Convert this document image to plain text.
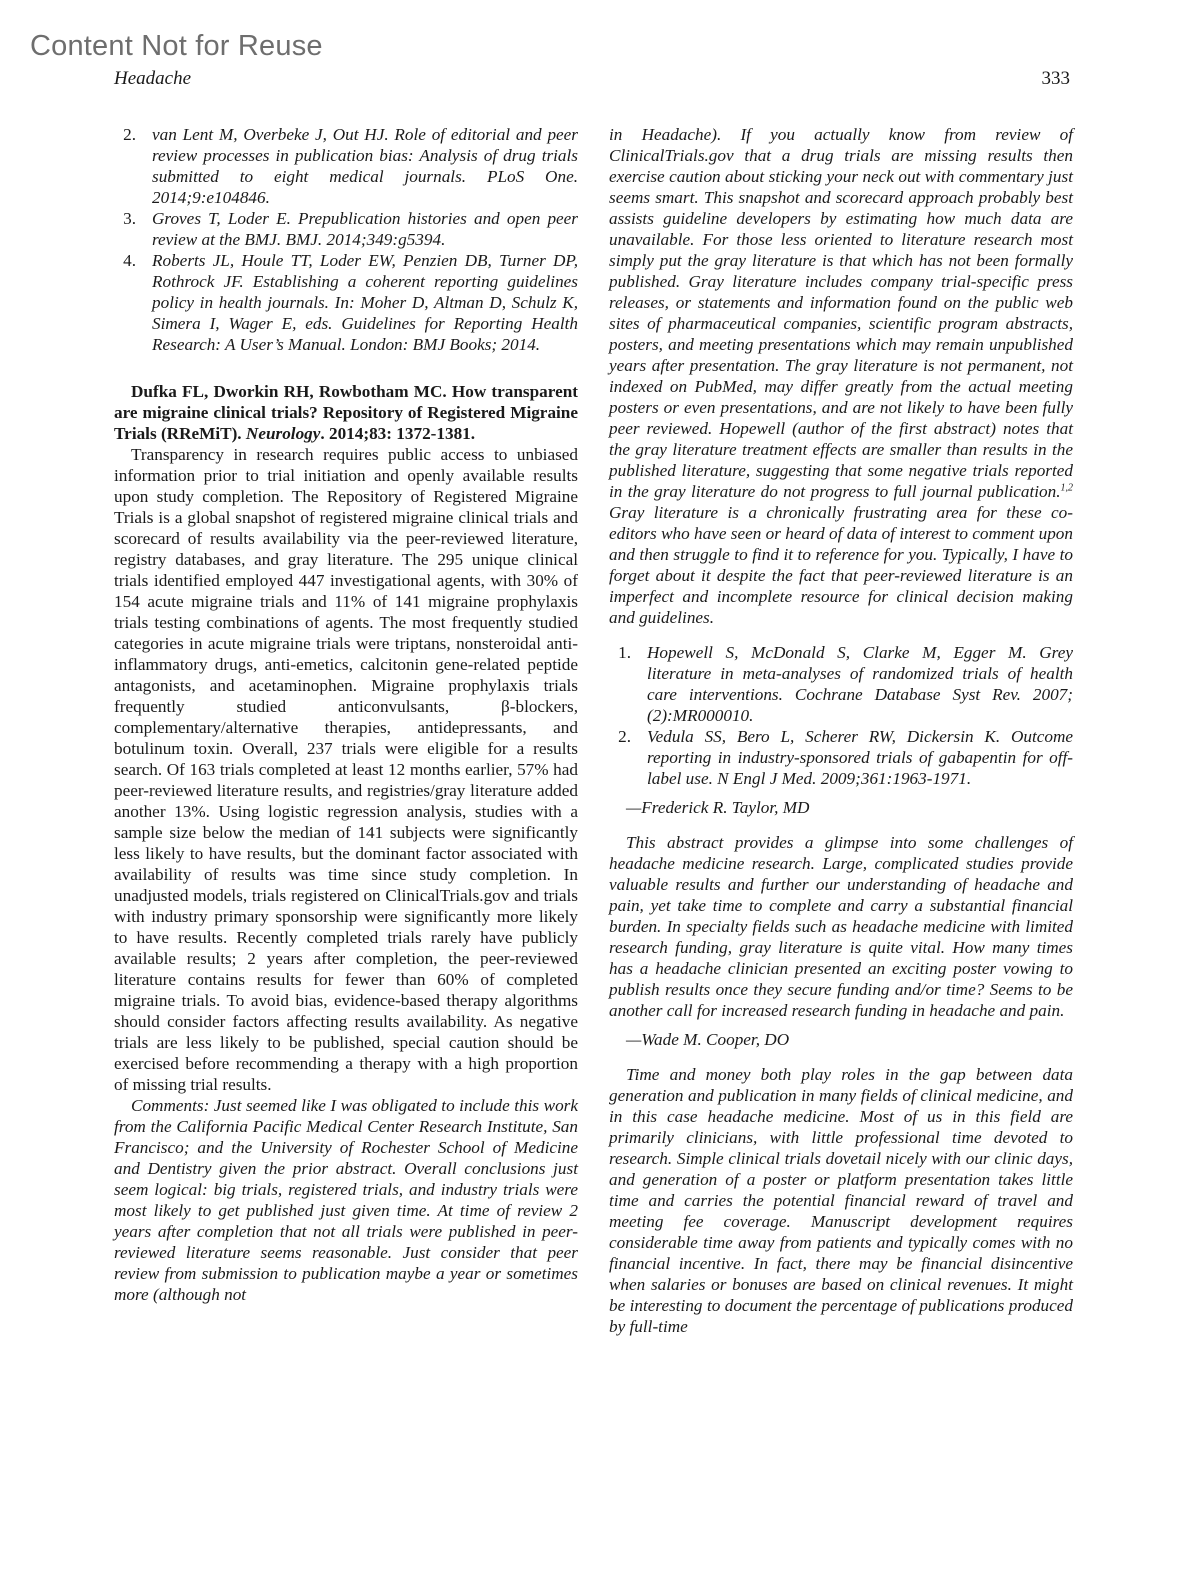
Content Not for Reuse
Headache	333
2. van Lent M, Overbeke J, Out HJ. Role of editorial and peer review processes in publication bias: Analysis of drug trials submitted to eight medical journals. PLoS One. 2014;9:e104846.
3. Groves T, Loder E. Prepublication histories and open peer review at the BMJ. BMJ. 2014;349:g5394.
4. Roberts JL, Houle TT, Loder EW, Penzien DB, Turner DP, Rothrock JF. Establishing a coherent reporting guidelines policy in health journals. In: Moher D, Altman D, Schulz K, Simera I, Wager E, eds. Guidelines for Reporting Health Research: A User’s Manual. London: BMJ Books; 2014.

Dufka FL, Dworkin RH, Rowbotham MC. How transparent are migraine clinical trials? Repository of Registered Migraine Trials (RReMiT). Neurology. 2014;83: 1372-1381.

Transparency in research requires public access to unbiased information prior to trial initiation and openly available results upon study completion. The Repository of Registered Migraine Trials is a global snapshot of registered migraine clinical trials and scorecard of results availability via the peer-reviewed literature, registry databases, and gray literature. The 295 unique clinical trials identified employed 447 investigational agents, with 30% of 154 acute migraine trials and 11% of 141 migraine prophylaxis trials testing combinations of agents. The most frequently studied categories in acute migraine trials were triptans, nonsteroidal anti-inflammatory drugs, anti-emetics, calcitonin gene-related peptide antagonists, and acetaminophen. Migraine prophylaxis trials frequently studied anticonvulsants, β-blockers, complementary/alternative therapies, antidepressants, and botulinum toxin. Overall, 237 trials were eligible for a results search. Of 163 trials completed at least 12 months earlier, 57% had peer-reviewed literature results, and registries/gray literature added another 13%. Using logistic regression analysis, studies with a sample size below the median of 141 subjects were significantly less likely to have results, but the dominant factor associated with availability of results was time since study completion. In unadjusted models, trials registered on ClinicalTrials.gov and trials with industry primary sponsorship were significantly more likely to have results. Recently completed trials rarely have publicly available results; 2 years after completion, the peer-reviewed literature contains results for fewer than 60% of completed migraine trials. To avoid bias, evidence-based therapy algorithms should consider factors affecting results availability. As negative trials are less likely to be published, special caution should be exercised before recommending a therapy with a high proportion of missing trial results.

Comments: Just seemed like I was obligated to include this work from the California Pacific Medical Center Research Institute, San Francisco; and the University of Rochester School of Medicine and Dentistry given the prior abstract. Overall conclusions just seem logical: big trials, registered trials, and industry trials were most likely to get published just given time. At time of review 2 years after completion that not all trials were published in peer-reviewed literature seems reasonable. Just consider that peer review from submission to publication maybe a year or sometimes more (although not

in Headache). If you actually know from review of ClinicalTrials.gov that a drug trials are missing results then exercise caution about sticking your neck out with commentary just seems smart. This snapshot and scorecard approach probably best assists guideline developers by estimating how much data are unavailable. For those less oriented to literature research most simply put the gray literature is that which has not been formally published. Gray literature includes company trial-specific press releases, or statements and information found on the public web sites of pharmaceutical companies, scientific program abstracts, posters, and meeting presentations which may remain unpublished years after presentation. The gray literature is not permanent, not indexed on PubMed, may differ greatly from the actual meeting posters or even presentations, and are not likely to have been fully peer reviewed. Hopewell (author of the first abstract) notes that the gray literature treatment effects are smaller than results in the published literature, suggesting that some negative trials reported in the gray literature do not progress to full journal publication.$^{1,2}$ Gray literature is a chronically frustrating area for these co-editors who have seen or heard of data of interest to comment upon and then struggle to find it to reference for you. Typically, I have to forget about it despite the fact that peer-reviewed literature is an imperfect and incomplete resource for clinical decision making and guidelines.

1. Hopewell S, McDonald S, Clarke M, Egger M. Grey literature in meta-analyses of randomized trials of health care interventions. Cochrane Database Syst Rev. 2007;(2):MR000010.
2. Vedula SS, Bero L, Scherer RW, Dickersin K. Outcome reporting in industry-sponsored trials of gabapentin for off-label use. N Engl J Med. 2009;361:1963-1971.

—Frederick R. Taylor, MD

This abstract provides a glimpse into some challenges of headache medicine research. Large, complicated studies provide valuable results and further our understanding of headache and pain, yet take time to complete and carry a substantial financial burden. In specialty fields such as headache medicine with limited research funding, gray literature is quite vital. How many times has a headache clinician presented an exciting poster vowing to publish results once they secure funding and/or time? Seems to be another call for increased research funding in headache and pain.

—Wade M. Cooper, DO

Time and money both play roles in the gap between data generation and publication in many fields of clinical medicine, and in this case headache medicine. Most of us in this field are primarily clinicians, with little professional time devoted to research. Simple clinical trials dovetail nicely with our clinic days, and generation of a poster or platform presentation takes little time and carries the potential financial reward of travel and meeting fee coverage. Manuscript development requires considerable time away from patients and typically comes with no financial incentive. In fact, there may be financial disincentive when salaries or bonuses are based on clinical revenues. It might be interesting to document the percentage of publications produced by full-time
